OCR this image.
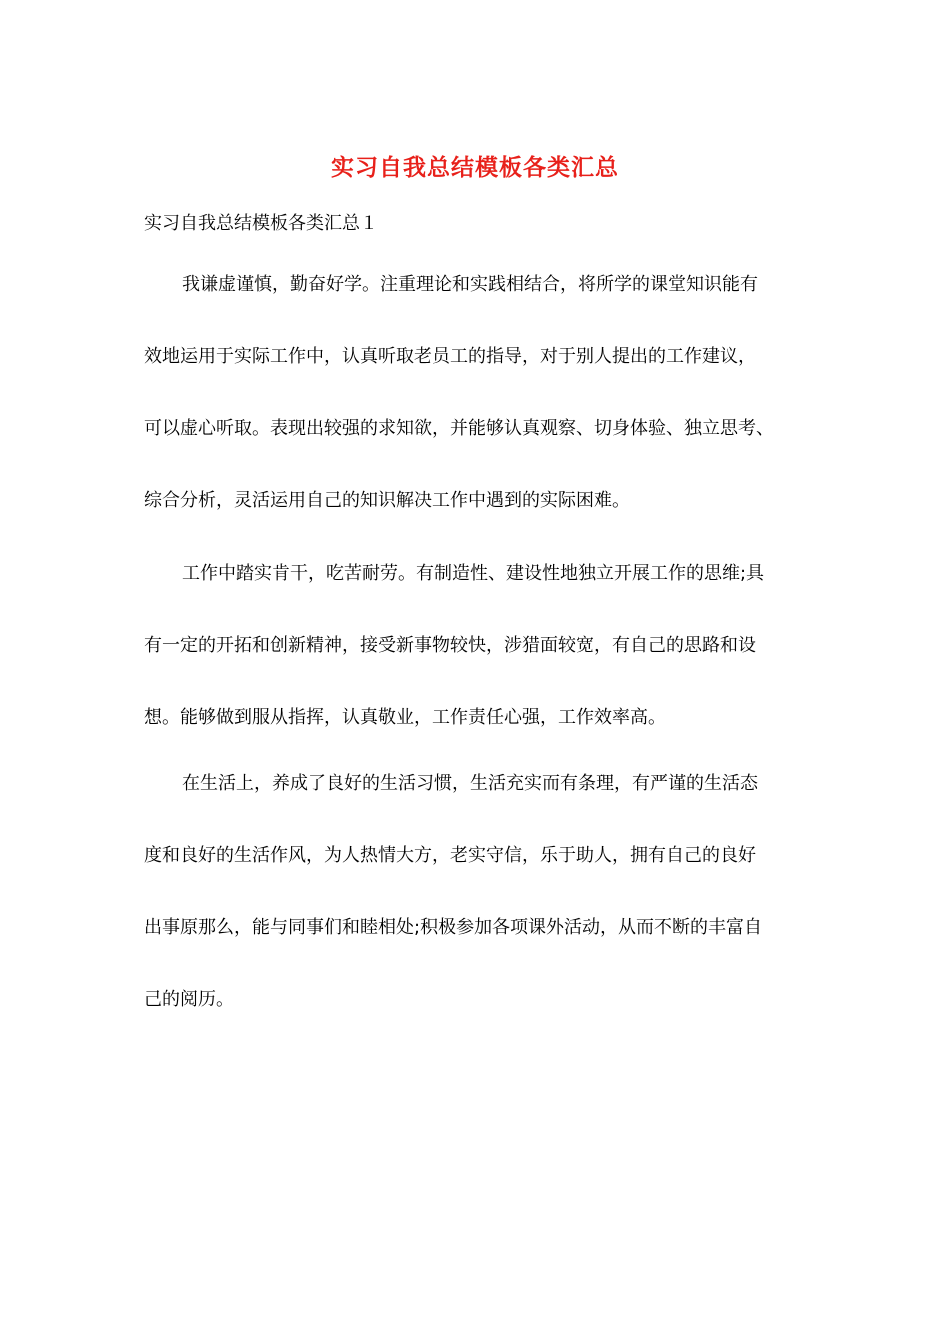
实习自我总结模板各类汇总

实习自我总结模板各类汇总１

我谦虚谨慎，勤奋好学。注重理论和实践相结合，将所学的课堂知识能有
效地运用于实际工作中，认真听取老员工的指导，对于别人提出的工作建议，
可以虚心听取。表现出较强的求知欲，并能够认真观察、切身体验、独立思考、
综合分析，灵活运用自己的知识解决工作中遇到的实际困难。
工作中踏实肯干，吃苦耐劳。有制造性、建设性地独立开展工作的思维;具
有一定的开拓和创新精神，接受新事物较快，涉猎面较宽，有自己的思路和设
想。能够做到服从指挥，认真敬业，工作责任心强，工作效率高。
在生活上，养成了良好的生活习惯，生活充实而有条理，有严谨的生活态
度和良好的生活作风，为人热情大方，老实守信，乐于助人，拥有自己的良好
出事原那么，能与同事们和睦相处;积极参加各项课外活动，从而不断的丰富自
己的阅历。
